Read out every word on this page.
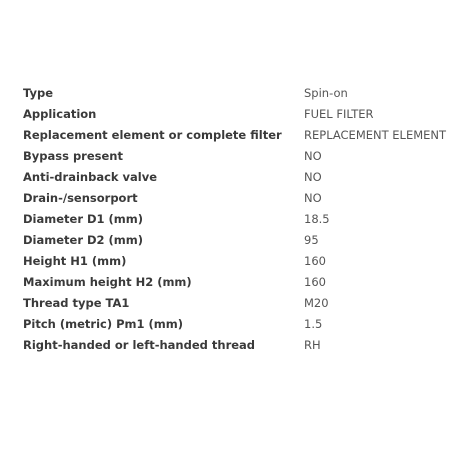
Type	Spin-on
Application	FUEL FILTER
Replacement element or complete filter	REPLACEMENT ELEMENT
Bypass present	NO
Anti-drainback valve	NO
Drain-/sensorport	NO
Diameter D1 (mm)	18.5
Diameter D2 (mm)	95
Height H1 (mm)	160
Maximum height H2 (mm)	160
Thread type TA1	M20
Pitch (metric) Pm1 (mm)	1.5
Right-handed or left-handed thread	RH
